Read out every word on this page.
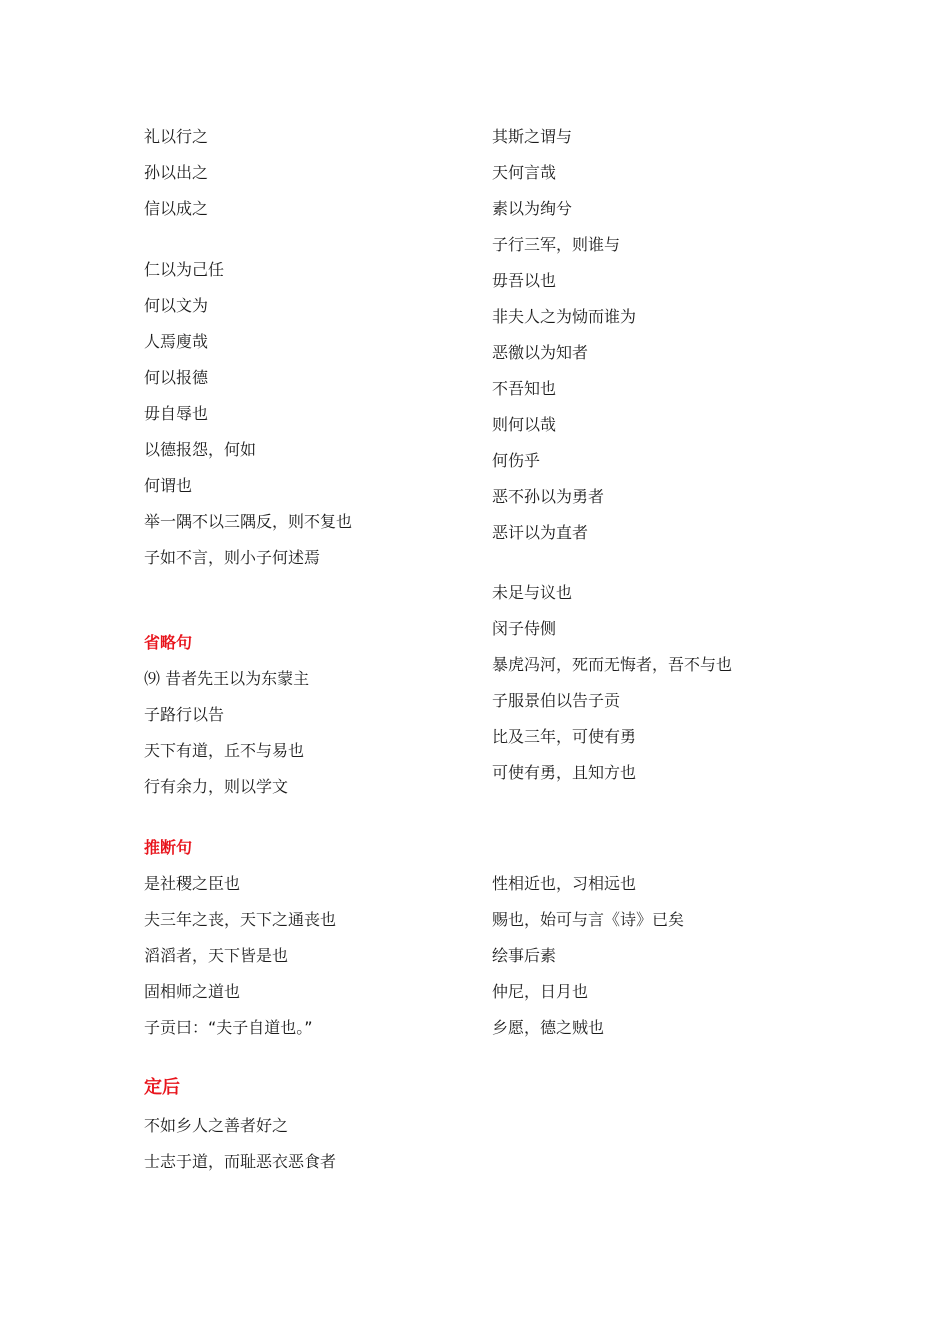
礼以行之
孙以出之
信以成之
仁以为己任
何以文为
人焉廋哉
何以报德
毋自辱也
以德报怨，何如
何谓也
举一隅不以三隅反，则不复也
子如不言，则小子何述焉
省略句
⑼ 昔者先王以为东蒙主
子路行以告
天下有道，丘不与易也
行有余力，则以学文
推断句
是社稷之臣也
夫三年之丧，天下之通丧也
滔滔者，天下皆是也
固相师之道也
子贡曰：“夫子自道也。”
定后
不如乡人之善者好之
士志于道，而耻恶衣恶食者
其斯之谓与
天何言哉
素以为绚兮
子行三军，则谁与
毋吾以也
非夫人之为恸而谁为
恶徼以为知者
不吾知也
则何以哉
何伤乎
恶不孙以为勇者
恶讦以为直者
未足与议也
闵子侍侧
暴虎冯河，死而无悔者，吾不与也
子服景伯以告子贡
比及三年，可使有勇
可使有勇，且知方也
性相近也，习相远也
赐也，始可与言《诗》已矣
绘事后素
仲尼，日月也
乡愿，德之贼也
